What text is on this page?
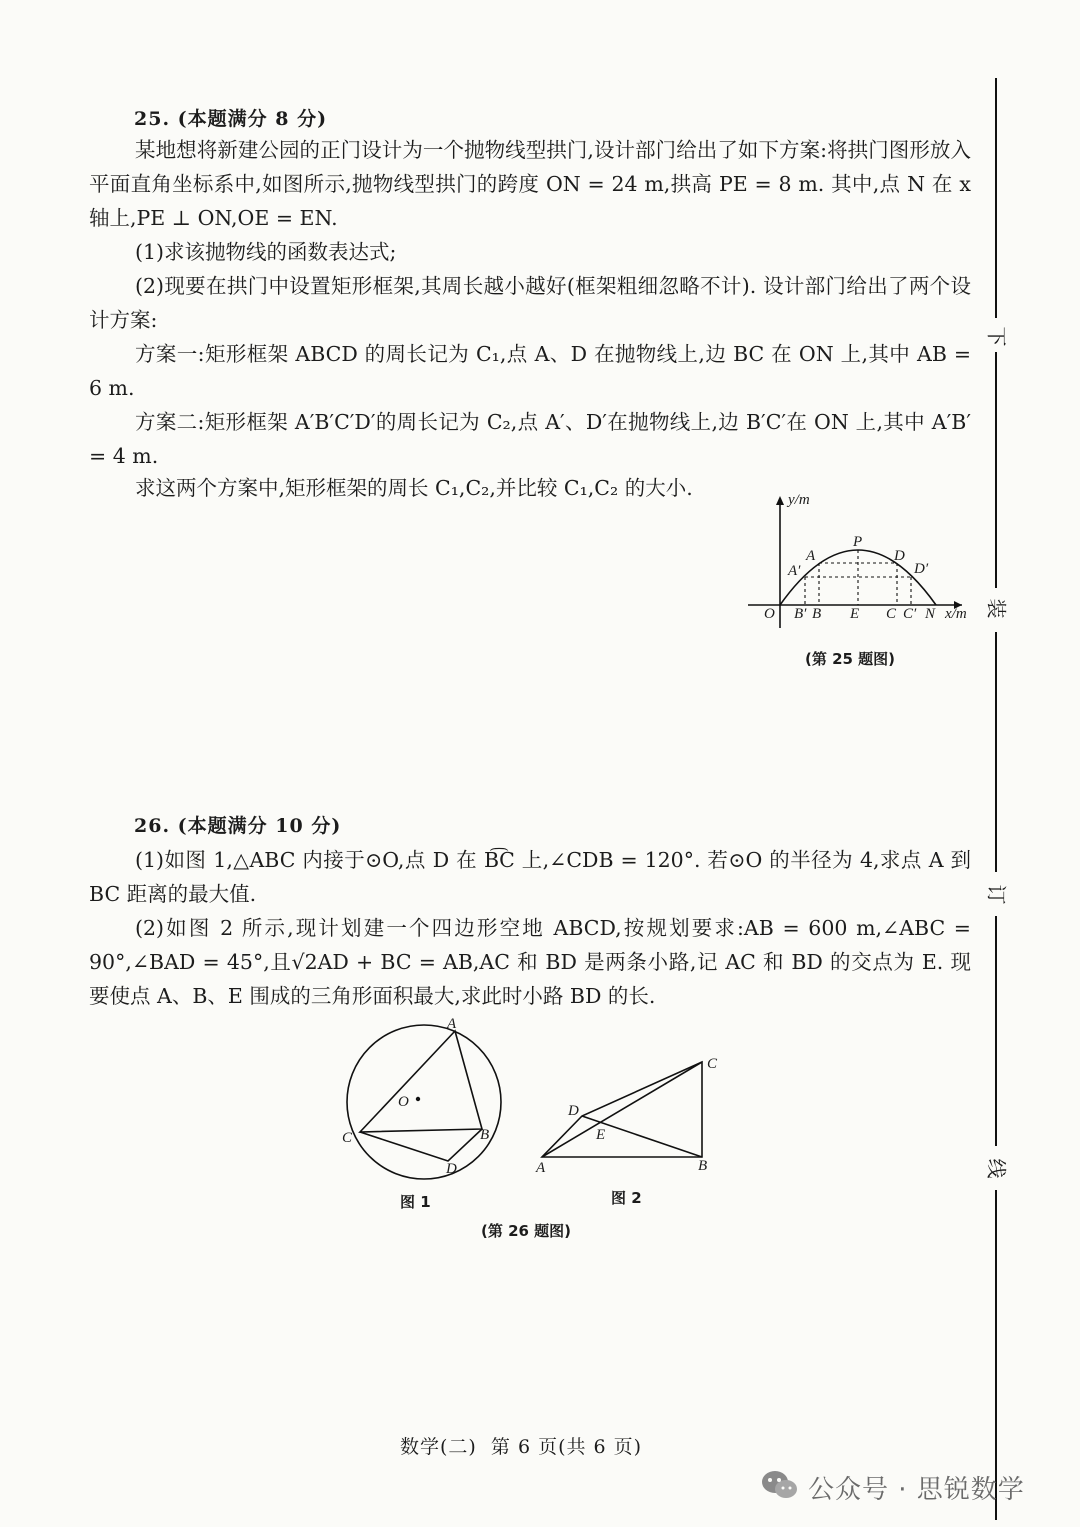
25. (本题满分 8 分)
某地想将新建公园的正门设计为一个抛物线型拱门,设计部门给出了如下方案:将拱门图形放入平面直角坐标系中,如图所示,抛物线型拱门的跨度 ON = 24 m,拱高 PE = 8 m. 其中,点 N 在 x 轴上,PE ⊥ ON,OE = EN.
(1)求该抛物线的函数表达式;
(2)现要在拱门中设置矩形框架,其周长越小越好(框架粗细忽略不计). 设计部门给出了两个设计方案:
方案一:矩形框架 ABCD 的周长记为 C₁,点 A、D 在抛物线上,边 BC 在 ON 上,其中 AB = 6 m.
方案二:矩形框架 A′B′C′D′的周长记为 C₂,点 A′、D′在抛物线上,边 B′C′在 ON 上,其中 A′B′ = 4 m.
求这两个方案中,矩形框架的周长 C₁,C₂,并比较 C₁,C₂ 的大小.	y/m
x/m
O B′ B E C C′ N
P
A
A′
D
D′
(第 25 题图)
26. (本题满分 10 分)
(1)如图 1,△ABC 内接于⊙O,点 D 在 B͡C 上,∠CDB = 120°. 若⊙O 的半径为 4,求点 A 到 BC 距离的最大值.
(2)如图 2 所示,现计划建一个四边形空地 ABCD,按规划要求:AB = 600 m,∠ABC = 90°,∠BAD = 45°,且√2AD + BC = AB,AC 和 BD 是两条小路,记 AC 和 BD 的交点为 E. 现要使点 A、B、E 围成的三角形面积最大,求此时小路 BD 的长.
A
O
C	B
D
图 1
C
D
E
A	B
图 2
(第 26 题图)
下
装
订
线
数学(二)  第 6 页(共 6 页)
公众号 · 思锐数学
